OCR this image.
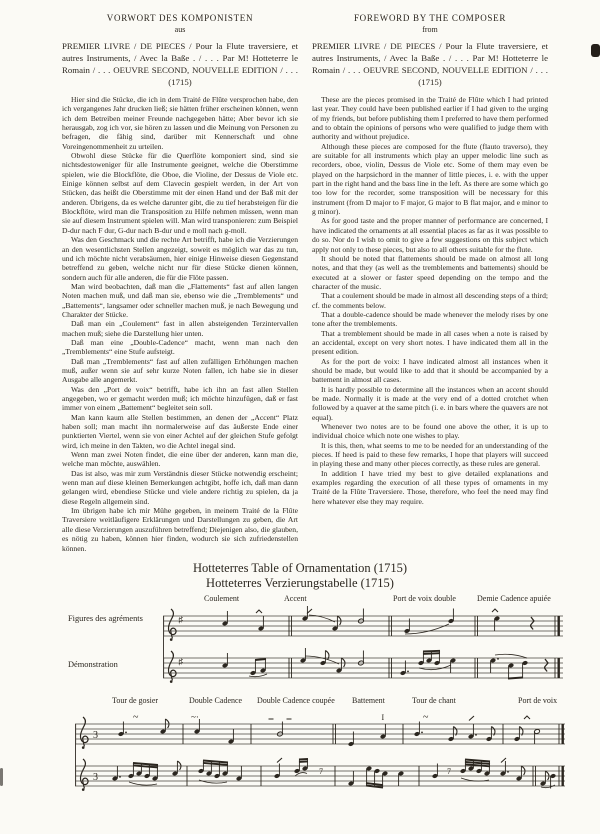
VORWORT DES KOMPONISTEN
aus

PREMIER LIVRE / DE PIECES / Pour la Flute traversiere, et autres Instruments, / Avec la Baße . / . . . Par M! Hotteterre le Romain / . . . OEUVRE SECOND, NOUVELLE EDITION / . . . (1715)

Hier sind die Stücke, die ich in dem Traité de Flûte versprochen habe, den ich vergangenes Jahr drucken ließ; sie hätten früher erscheinen können, wenn ich dem Betreiben meiner Freunde nachgegeben hätte; Aber bevor ich sie herausgab, zog ich vor, sie hören zu lassen und die Meinung von Personen zu befragen, die fähig sind, darüber mit Kennerschaft und ohne Voreingenommenheit zu urteilen.

Obwohl diese Stücke für die Querflöte komponiert sind, sind sie nichtsdestoweniger für alle Instrumente geeignet, welche die Oberstimme spielen, wie die Blockflöte, die Oboe, die Violine, der Dessus de Viole etc. Einige können selbst auf dem Clavecin gespielt werden, in der Art von Stücken, das heißt die Oberstimme mit der einen Hand und der Baß mit der anderen. Übrigens, da es welche darunter gibt, die zu tief herabsteigen für die Blockflöte, wird man die Transposition zu Hilfe nehmen müssen, wenn man sie auf diesem Instrument spielen will. Man wird transponieren: zum Beispiel D-dur nach F dur, G-dur nach B-dur und e moll nach g-moll.

Was den Geschmack und die rechte Art betrifft, habe ich die Verzierungen an den wesentlichsten Stellen angezeigt, soweit es möglich war das zu tun, und ich möchte nicht verabsäumen, hier einige Hinweise diesen Gegenstand betreffend zu geben, welche nicht nur für diese Stücke dienen können, sondern auch für alle anderen, die für die Flöte passen.

Man wird beobachten, daß man die „Flattements“ fast auf allen langen Noten machen muß, und daß man sie, ebenso wie die „Tremblements“ und „Battements“, langsamer oder schneller machen muß, je nach Bewegung und Charakter der Stücke.

Daß man ein „Coulement“ fast in allen absteigenden Terzintervallen machen muß; siehe die Darstellung hier unten.

Daß man eine „Double-Cadence“ macht, wenn man nach den „Tremblements“ eine Stufe aufsteigt.

Daß man „Tremblements“ fast auf allen zufälligen Erhöhungen machen muß, außer wenn sie auf sehr kurze Noten fallen, ich habe sie in dieser Ausgabe alle angemerkt.

Was den „Port de voix“ betrifft, habe ich ihn an fast allen Stellen angegeben, wo er gemacht werden muß; ich möchte hinzufügen, daß er fast immer von einem „Battement“ begleitet sein soll.

Man kann kaum alle Stellen bestimmen, an denen der „Accent“ Platz haben soll; man macht ihn normalerweise auf das äußerste Ende einer punktierten Viertel, wenn sie von einer Achtel auf der gleichen Stufe gefolgt wird, ich meine in den Takten, wo die Achtel inegal sind.

Wenn man zwei Noten findet, die eine über der anderen, kann man die, welche man möchte, auswählen.

Das ist also, was mir zum Verständnis dieser Stücke notwendig erscheint; wenn man auf diese kleinen Bemerkungen achtgibt, hoffe ich, daß man dann gelangen wird, ebendiese Stücke und viele andere richtig zu spielen, da ja diese Regeln allgemein sind.

Im übrigen habe ich mir Mühe gegeben, in meinem Traité de la Flûte Traversiere weitläufigere Erklärungen und Darstellungen zu geben, die Art alle diese Verzierungen auszuführen betreffend; Diejenigen also, die glauben, es nötig zu haben, können hier finden, wodurch sie sich zufriedenstellen können.

FOREWORD BY THE COMPOSER
from

PREMIER LIVRE / DE PIECES / Pour la Flute traversiere, et autres Instruments, / Avec la Baße . / . . . Par M! Hotteterre le Romain / . . . OEUVRE SECOND, NOUVELLE EDITION / . . . (1715)

These are the pieces promised in the Traité de Flûte which I had printed last year. They could have been published earlier if I had given to the urging of my friends, but before publishing them I preferred to have them performed and to obtain the opinions of persons who were qualified to judge them with authority and without prejudice.

Although these pieces are composed for the flute (flauto traverso), they are suitable for all instruments which play an upper melodic line such as recorders, oboe, violin, Dessus de Viole etc. Some of them may even be played on the harpsichord in the manner of little pieces, i. e. with the upper part in the right hand and the bass line in the left. As there are some which go too low for the recorder, some transposition will be necessary for this instrument (from D major to F major, G major to B flat major, and e minor to g minor).

As for good taste and the proper manner of performance are concerned, I have indicated the ornaments at all essential places as far as it was possible to do so. Nor do I wish to omit to give a few suggestions on this subject which apply not only to these pieces, but also to all others suitable for the flute.

It should be noted that flattements should be made on almost all long notes, and that they (as well as the tremblements and battements) should be executed at a slower or faster speed depending on the tempo and the character of the music.

That a coulement should be made in almost all descending steps of a third; cf. the comments below.

That a double-cadence should be made whenever the melody rises by one tone after the tremblements.

That a tremblement should be made in all cases when a note is raised by an accidental, except on very short notes. I have indicated them all in the present edition.

As for the port de voix: I have indicated almost all instances when it should be made, but would like to add that it should be accompanied by a battement in almost all cases.

It is hardly possible to determine all the instances when an accent should be made. Normally it is made at the very end of a dotted crotchet when followed by a quaver at the same pitch (i. e. in bars where the quavers are not equal).

Whenever two notes are to be found one above the other, it is up to individual choice which note one wishes to play.

It is this, then, what seems to me to be needed for an understanding of the pieces. If heed is paid to these few remarks, I hope that players will succeed in playing these and many other pieces correctly, as these rules are general.

In addition I have tried my best to give detailed explanations and examples regarding the execution of all these types of ornaments in my Traité de la Flûte Traversiere. Those, therefore, who feel the need may find here whatever else they may require.

Hotteterres Table of Ornamentation (1715)
Hotteterres Verzierungstabelle (1715)
Coulement	Accent	Port de voix double	Demie Cadence apuiée
Figures des agréments
Démonstration
♯
♯
Tour de gosier	Double Cadence Double Cadence coupée Battement	Tour de chant	Port de voix
3
~	~·	I	~
3
7	7
